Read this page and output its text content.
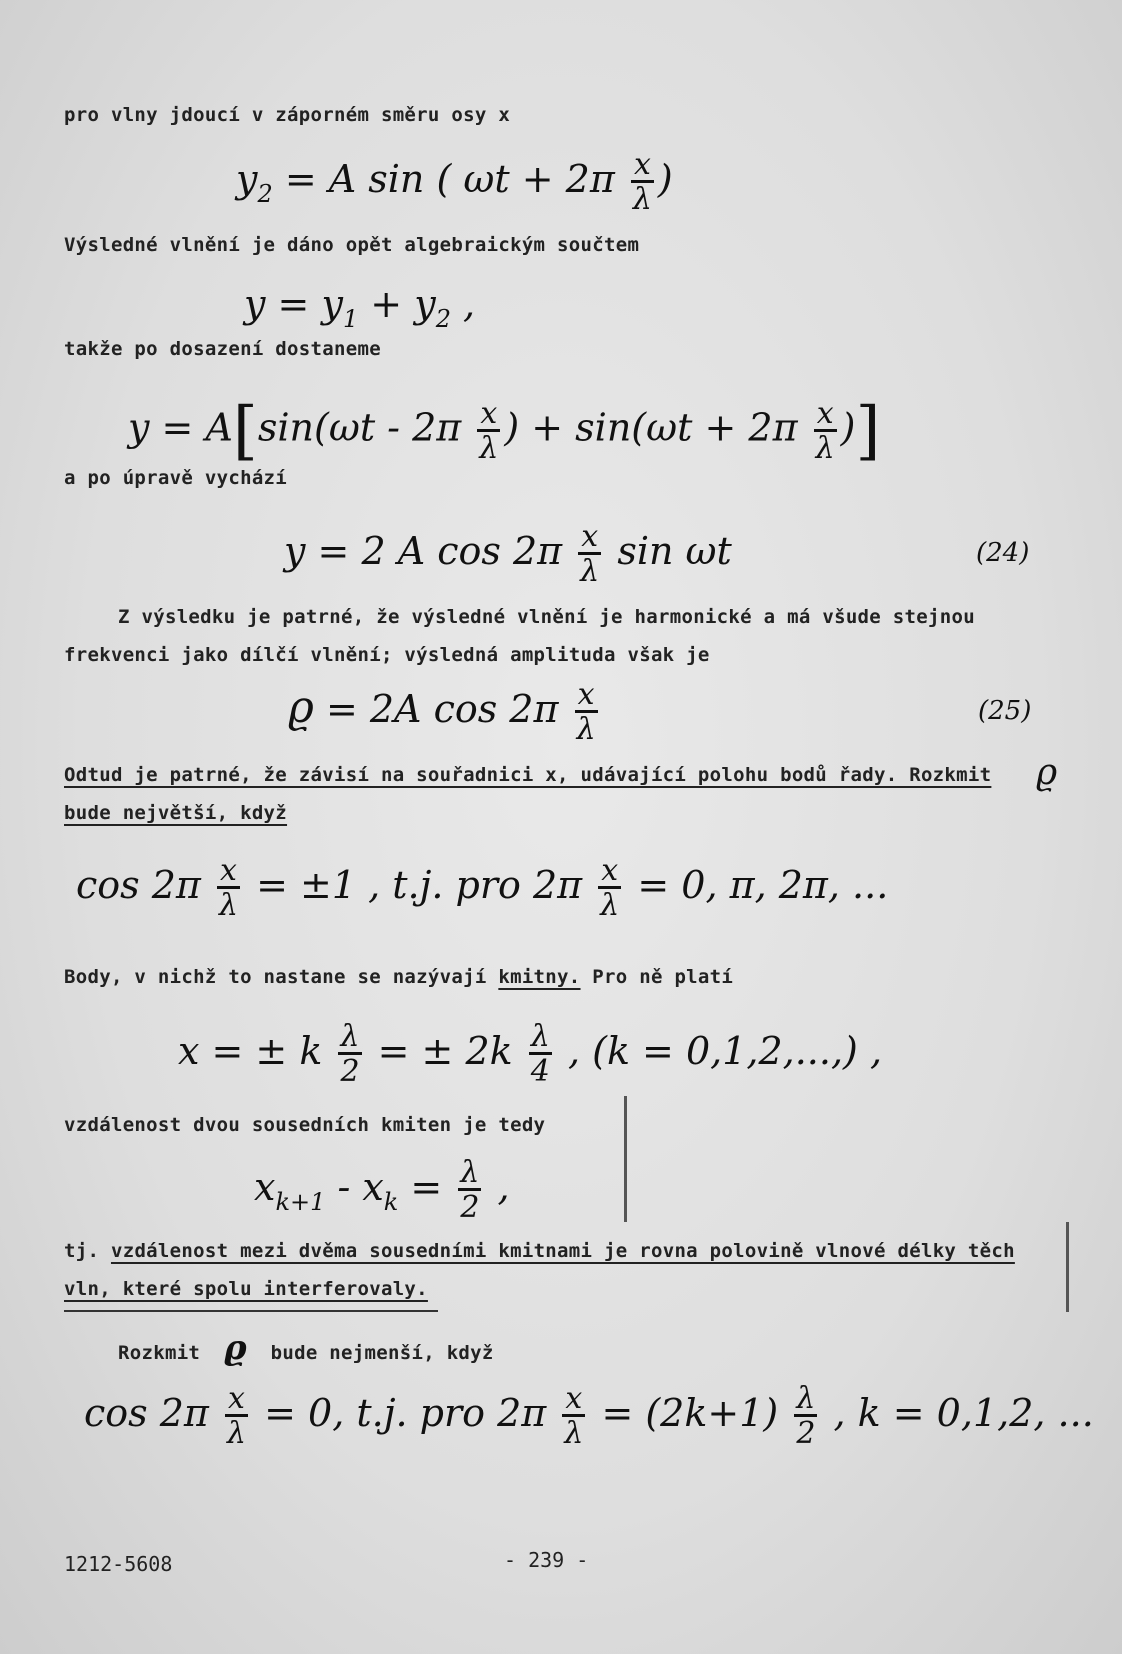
pro vlny jdoucí v záporném směru osy x
$y_2 = A$ sin ( $\omega t + 2\pi \frac{x}{\lambda}$ )
Výsledné vlnění je dáno opět algebraickým součtem
$y = y_1 + y_2$ ,
takže po dosazení dostaneme
$y = A[\sin(\omega t - 2\pi \frac{x}{\lambda}$ ) + $\sin(\omega t + 2\pi \frac{x}{\lambda}$ )]
a po úpravě vychází
y = 2 A $\cos 2\pi \frac{x}{\lambda}$ sin ωt	(24)
Z výsledku je patrné, že výsledné vlnění je harmonické a má všude stejnou
frekvenci jako dílčí vlnění; výsledná amplituda však je
ϱ = 2A $\cos 2\pi \frac{x}{\lambda}$	(25)
Odtud je patrné, že závisí na souřadnici x, udávající polohu bodů řady. Rozkmit ϱ
bude největší, když
$\cos 2\pi \frac{x}{\lambda} = \pm 1$ , t.j. pro $2\pi \frac{x}{\lambda} = 0$, π, 2π, ...
Body, v nichž to nastane se nazývají kmitny. Pro ně platí
x = ± k $\frac{\lambda}{2}$ = ± $2k \frac{\lambda}{4}$ , (k = 0,1,2,...,) ,
vzdálenost dvou sousedních kmiten je tedy
$x_{k+1} - x_k = \frac{\lambda}{2}$ ,
tj. vzdálenost mezi dvěma sousedními kmitnami je rovna polovině vlnové délky těch
vln, které spolu interferovaly.
Rozkmit ϱ bude nejmenší, když
$\cos 2\pi \frac{x}{\lambda} = 0$, t.j. pro $2\pi \frac{x}{\lambda} = (2k+1) \frac{\lambda}{2}$ , k = 0,1,2, ...
1212-5608	- 239 -
